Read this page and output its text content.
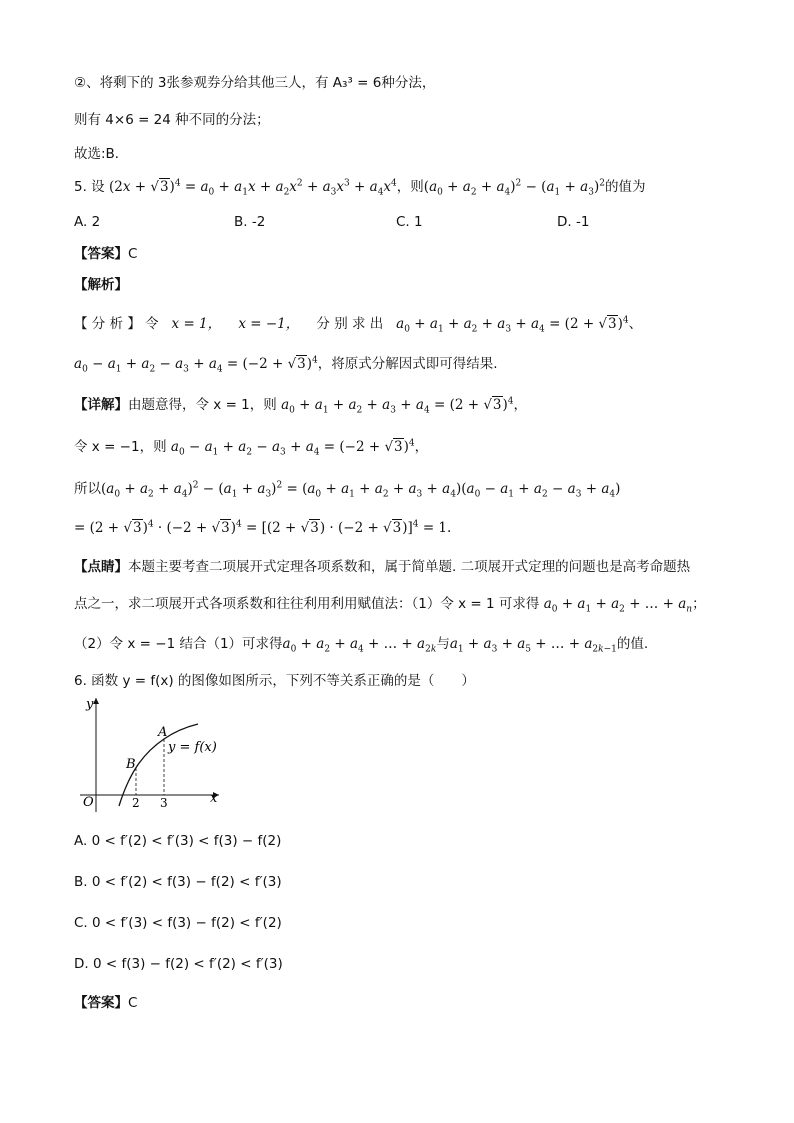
②、将剩下的 3张参观券分给其他三人，有 A₃³ = 6种分法，
则有 4×6 = 24 种不同的分法；
故选:B．
5. 设 $(2x + √3)^4 = a_0 + a_1x + a_2x^2 + a_3x^3 + a_4x^4$，则$(a_0 + a_2 + a_4)^2 - (a_1 + a_3)^2$的值为
A. 2	B. -2	C. 1	D. -1
【答案】C
【解析】
【 分 析 】 令 x = 1， x = −1， 分 别 求 出 $a_0 + a_1 + a_2 + a_3 + a_4 = (2 + √3)^4$、
$a_0 - a_1 + a_2 - a_3 + a_4 = (-2 + √3)^4$，将原式分解因式即可得结果.
【详解】由题意得，令 x = 1，则 $a_0 + a_1 + a_2 + a_3 + a_4 = (2 + √3)^4$，
令 x = −1，则 $a_0 - a_1 + a_2 - a_3 + a_4 = (-2 + √3)^4$，
所以$(a_0 + a_2 + a_4)^2 - (a_1 + a_3)^2 = (a_0 + a_1 + a_2 + a_3 + a_4)(a_0 - a_1 + a_2 - a_3 + a_4)$
= $(2 + √3)^4 \cdot (-2 + √3)^4 = [(2 + √3) \cdot (-2 + √3)]^4 = 1$.
【点睛】本题主要考查二项展开式定理各项系数和，属于简单题. 二项展开式定理的问题也是高考命题热
点之一，求二项展开式各项系数和往往利用利用赋值法：（1）令 x = 1 可求得 $a_0 + a_1 + a_2$ + … + $a_n$；
（2）令 x = −1 结合（1）可求得$a_0 + a_2 + a_4$ + … + $a_{2k}$与$a_1 + a_3 + a_5$ + … + $a_{2k-1}$的值.
6. 函数 y = f(x) 的图像如图所示，下列不等关系正确的是（　　）
y
x
O
A
B
2 3
y = f(x)
A. 0 < f′(2) < f′(3) < f(3) − f(2)
B. 0 < f′(2) < f(3) − f(2) < f′(3)
C. 0 < f′(3) < f(3) − f(2) < f′(2)
D. 0 < f(3) − f(2) < f′(2) < f′(3)
【答案】C
